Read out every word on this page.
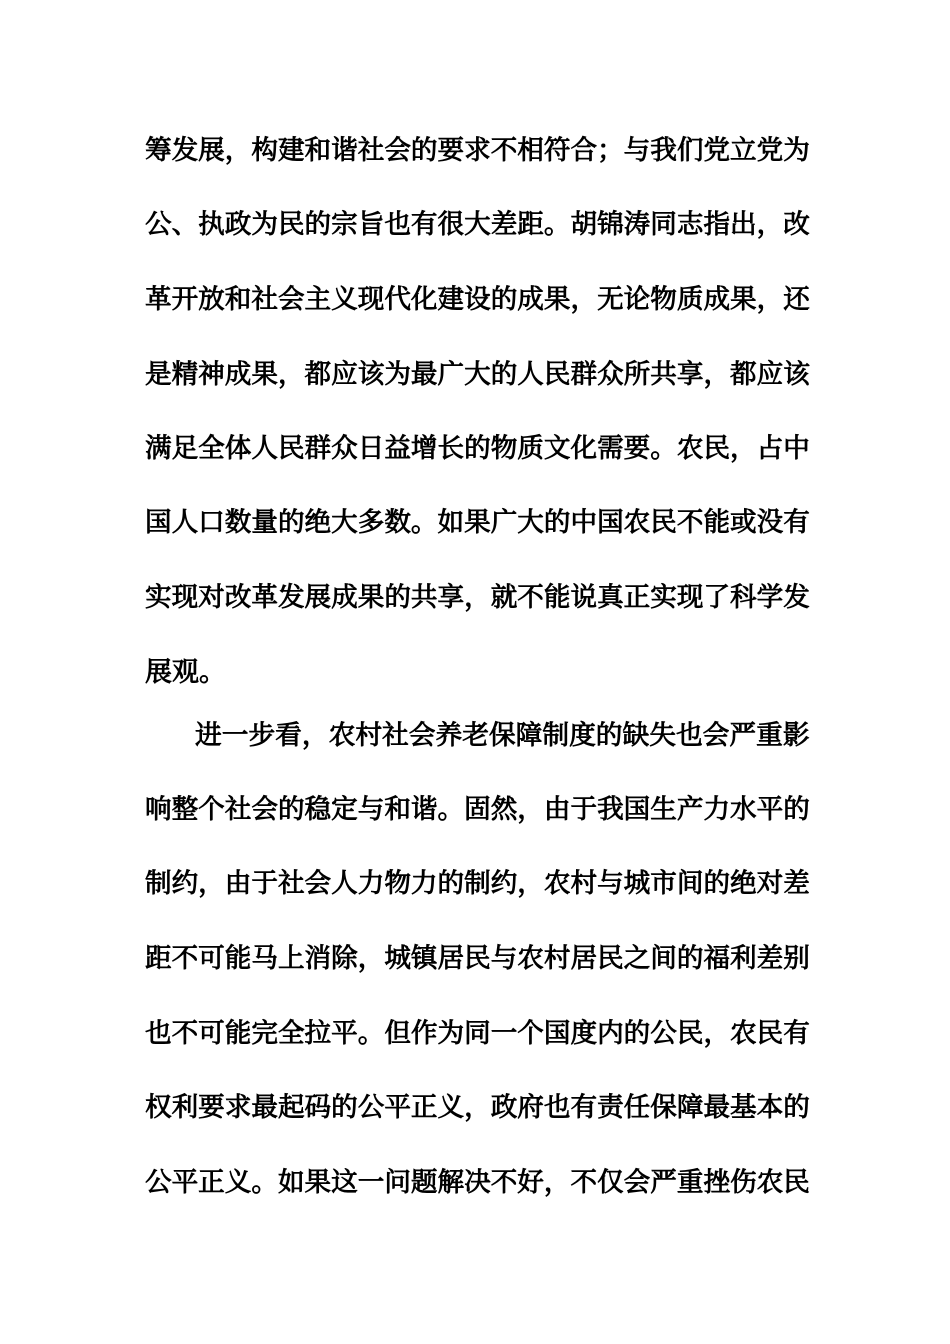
筹发展，构建和谐社会的要求不相符合；与我们党立党为
公、执政为民的宗旨也有很大差距。胡锦涛同志指出，改
革开放和社会主义现代化建设的成果，无论物质成果，还
是精神成果，都应该为最广大的人民群众所共享，都应该
满足全体人民群众日益增长的物质文化需要。农民，占中
国人口数量的绝大多数。如果广大的中国农民不能或没有
实现对改革发展成果的共享，就不能说真正实现了科学发
展观。
进一步看，农村社会养老保障制度的缺失也会严重影
响整个社会的稳定与和谐。固然，由于我国生产力水平的
制约，由于社会人力物力的制约，农村与城市间的绝对差
距不可能马上消除，城镇居民与农村居民之间的福利差别
也不可能完全拉平。但作为同一个国度内的公民，农民有
权利要求最起码的公平正义，政府也有责任保障最基本的
公平正义。如果这一问题解决不好，不仅会严重挫伤农民
